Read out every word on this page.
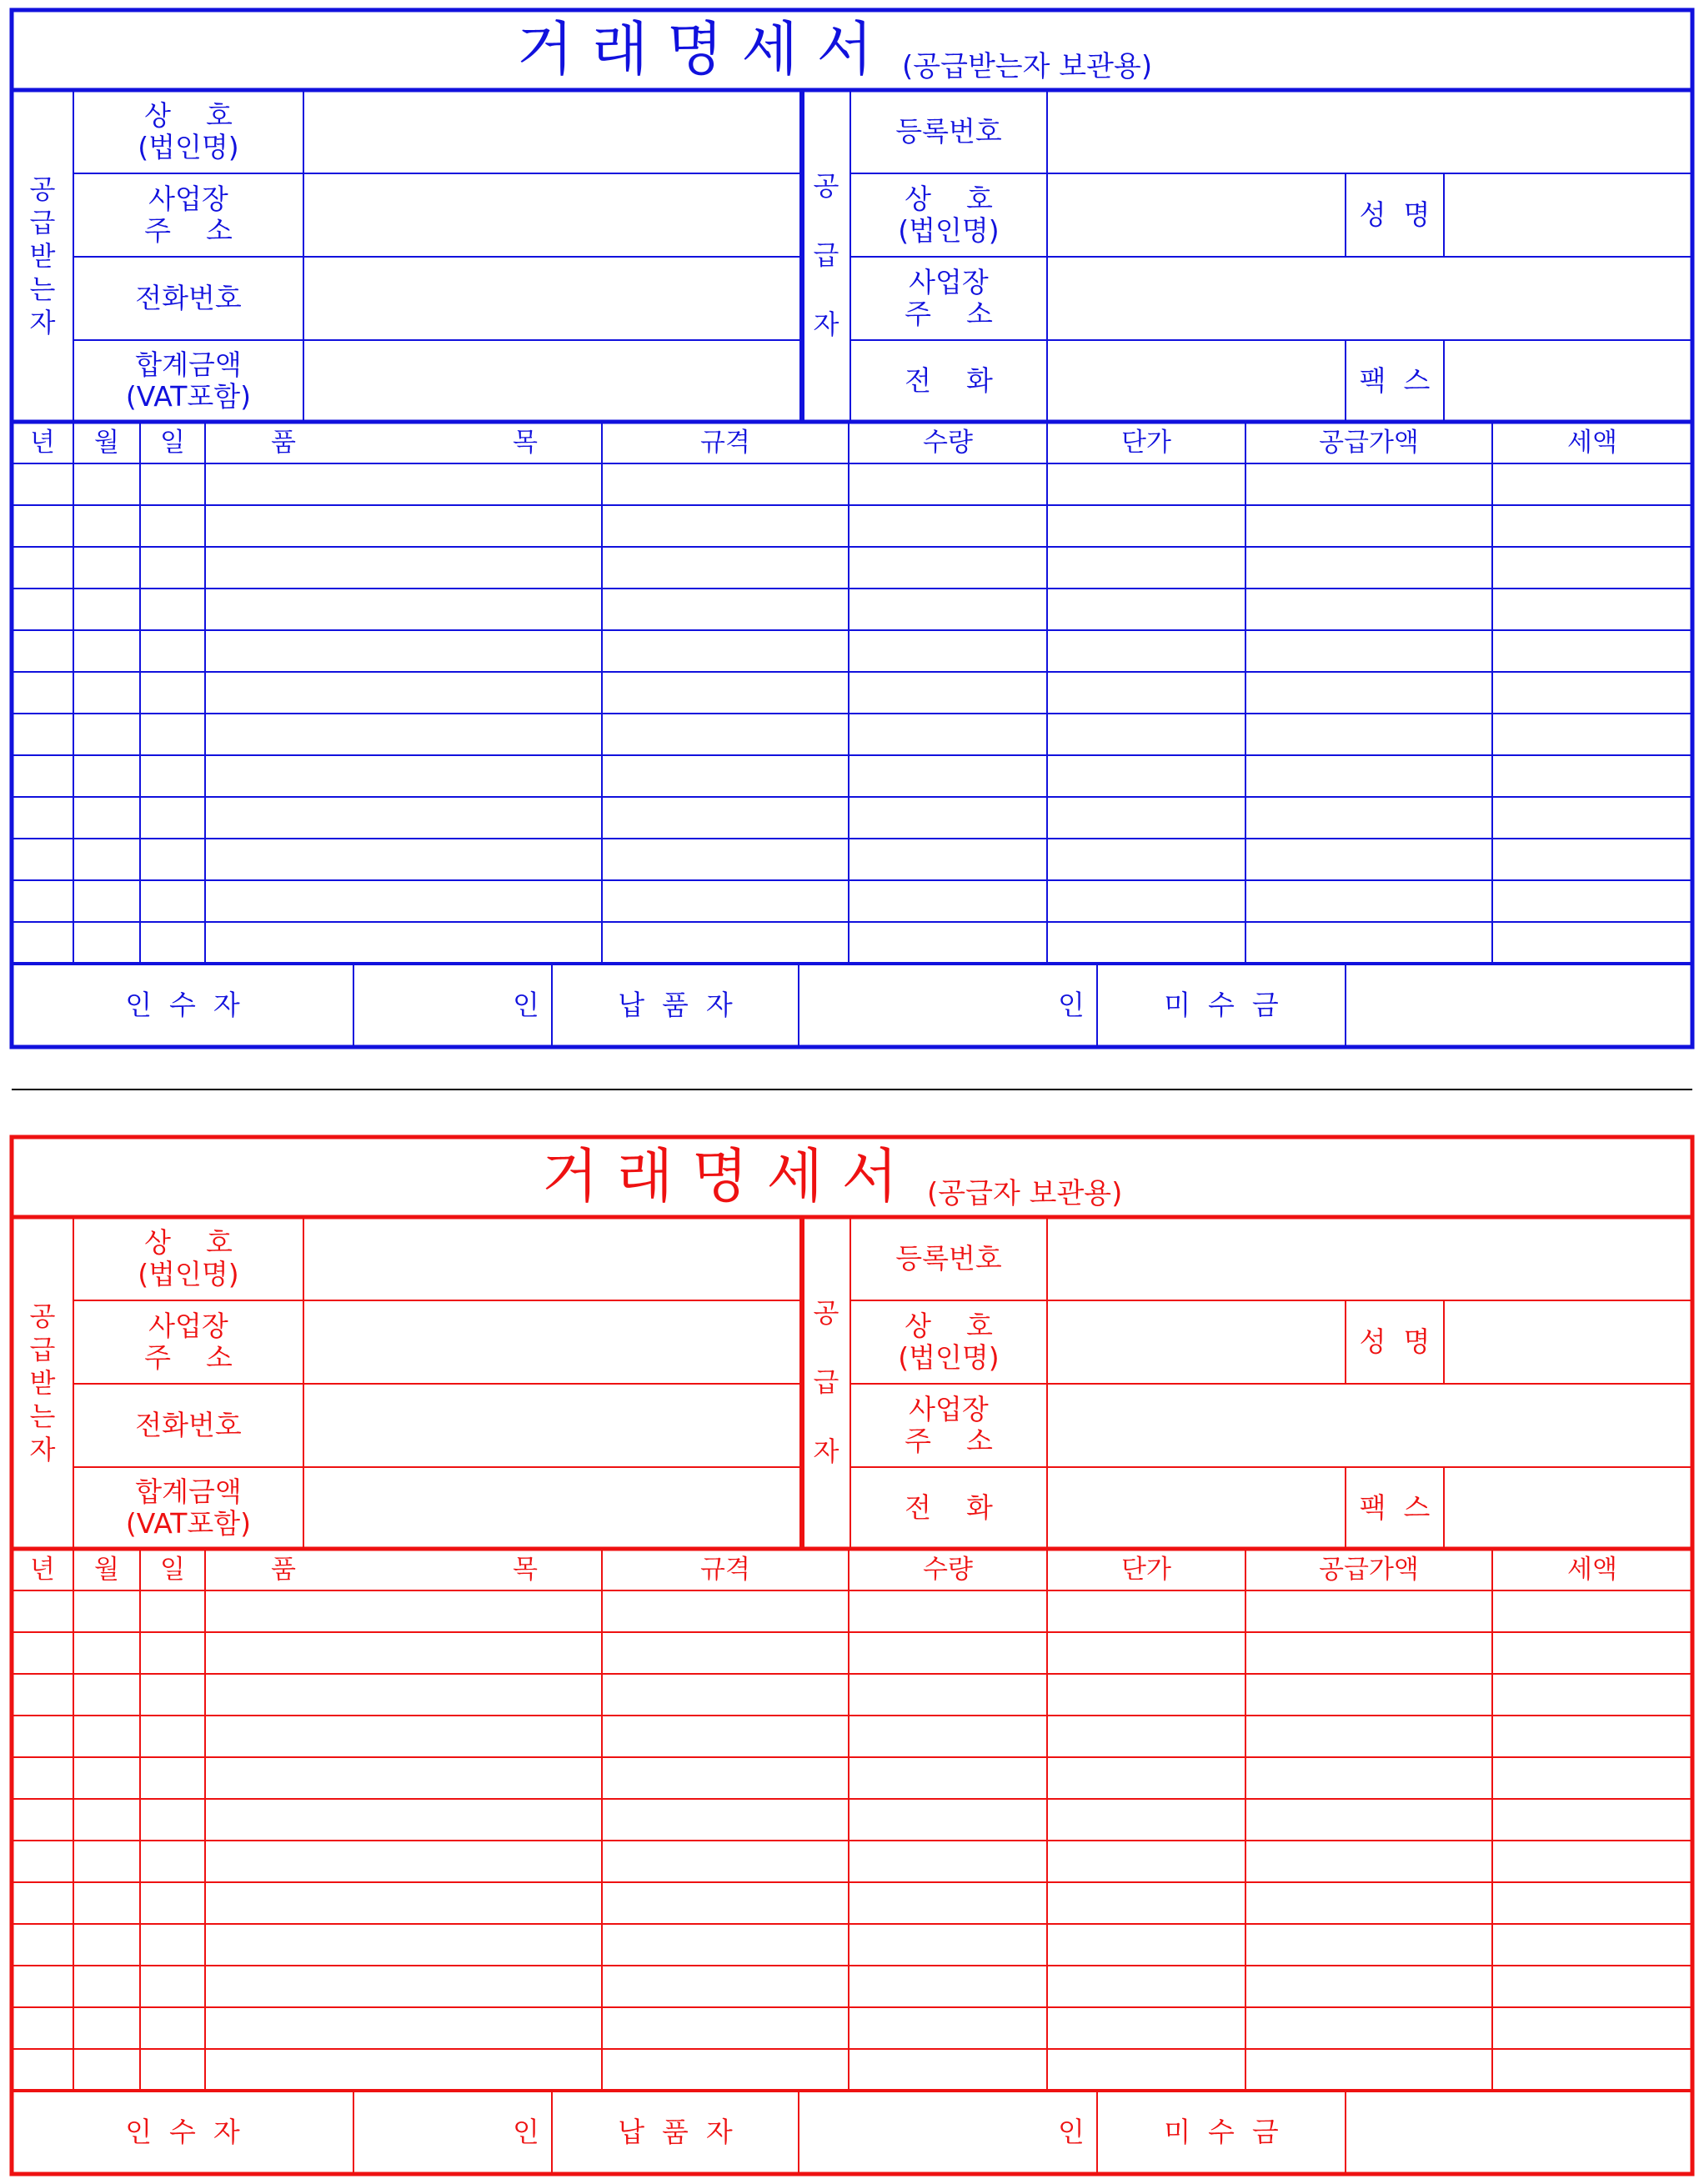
거 래 명 세 서 (공급받는자 보관용)
공
급
받
는
자
상    호
(법인명)
사업장
주    소
전화번호
합계금액
(VAT포함)
공

급

자
등록번호
상    호
(법인명)	성  명
사업장
주    소
전    화	팩  스
년	월	일	품	목	규격	수량	단가	공급가액	세액
인  수  자	인	납  품  자	인	미  수  금
거 래 명 세 서 (공급자 보관용)
공
급
받
는
자
상    호
(법인명)
사업장
주    소
전화번호
합계금액
(VAT포함)
공

급

자
등록번호
상    호
(법인명)	성  명
사업장
주    소
전    화	팩  스
년	월	일	품	목	규격	수량	단가	공급가액	세액
인  수  자	인	납  품  자	인	미  수  금
